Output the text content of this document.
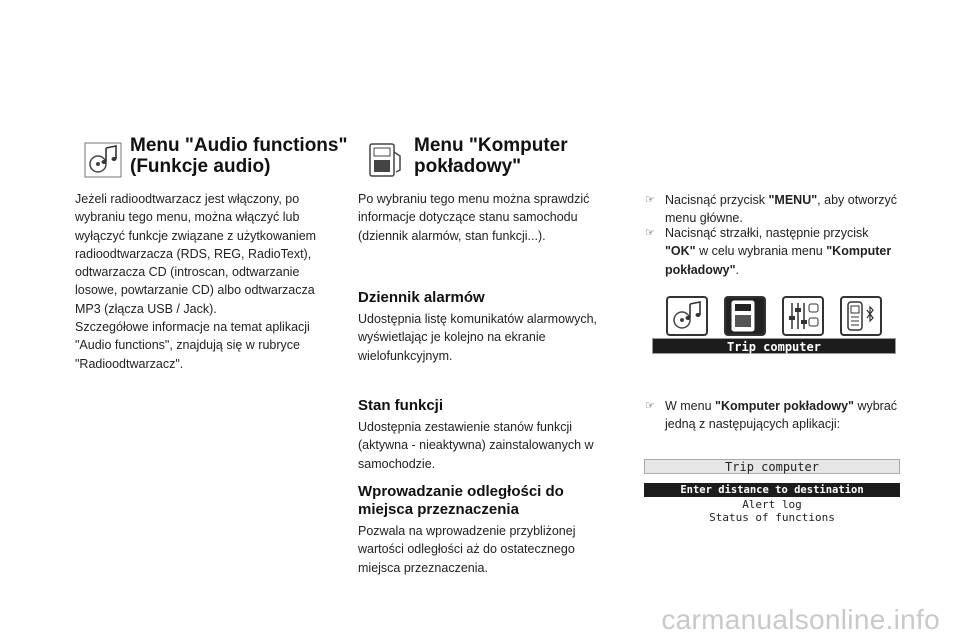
Menu "Audio functions"
(Funkcje audio)
Jeżeli radioodtwarzacz jest włączony, po
wybraniu tego menu, można włączyć lub
wyłączyć funkcje związane z użytkowaniem
radioodtwarzacza (RDS, REG, RadioText),
odtwarzacza CD (introscan, odtwarzanie
losowe, powtarzanie CD) albo odtwarzacza
MP3 (złącza USB / Jack).
Szczegółowe informacje na temat aplikacji
"Audio functions", znajdują się w rubryce
"Radioodtwarzacz".
Menu "Komputer
pokładowy"
Po wybraniu tego menu można sprawdzić
informacje dotyczące stanu samochodu
(dziennik alarmów, stan funkcji...).
Dziennik alarmów
Udostępnia listę komunikatów alarmowych,
wyświetlając je kolejno na ekranie
wielofunkcyjnym.
Stan funkcji
Udostępnia zestawienie stanów funkcji
(aktywna - nieaktywna) zainstalowanych w
samochodzie.
Wprowadzanie odległości do
miejsca przeznaczenia
Pozwala na wprowadzenie przybliżonej
wartości odległości aż do ostatecznego
miejsca przeznaczenia.
☞ Nacisnąć przycisk "MENU", aby otworzyć
menu główne.
☞ Nacisnąć strzałki, następnie przycisk
"OK" w celu wybrania menu "Komputer
pokładowy".
Trip computer
☞ W menu "Komputer pokładowy" wybrać
jedną z następujących aplikacji:
Trip computer
Enter distance to destination
Alert log
Status of functions
carmanualsonline.info
